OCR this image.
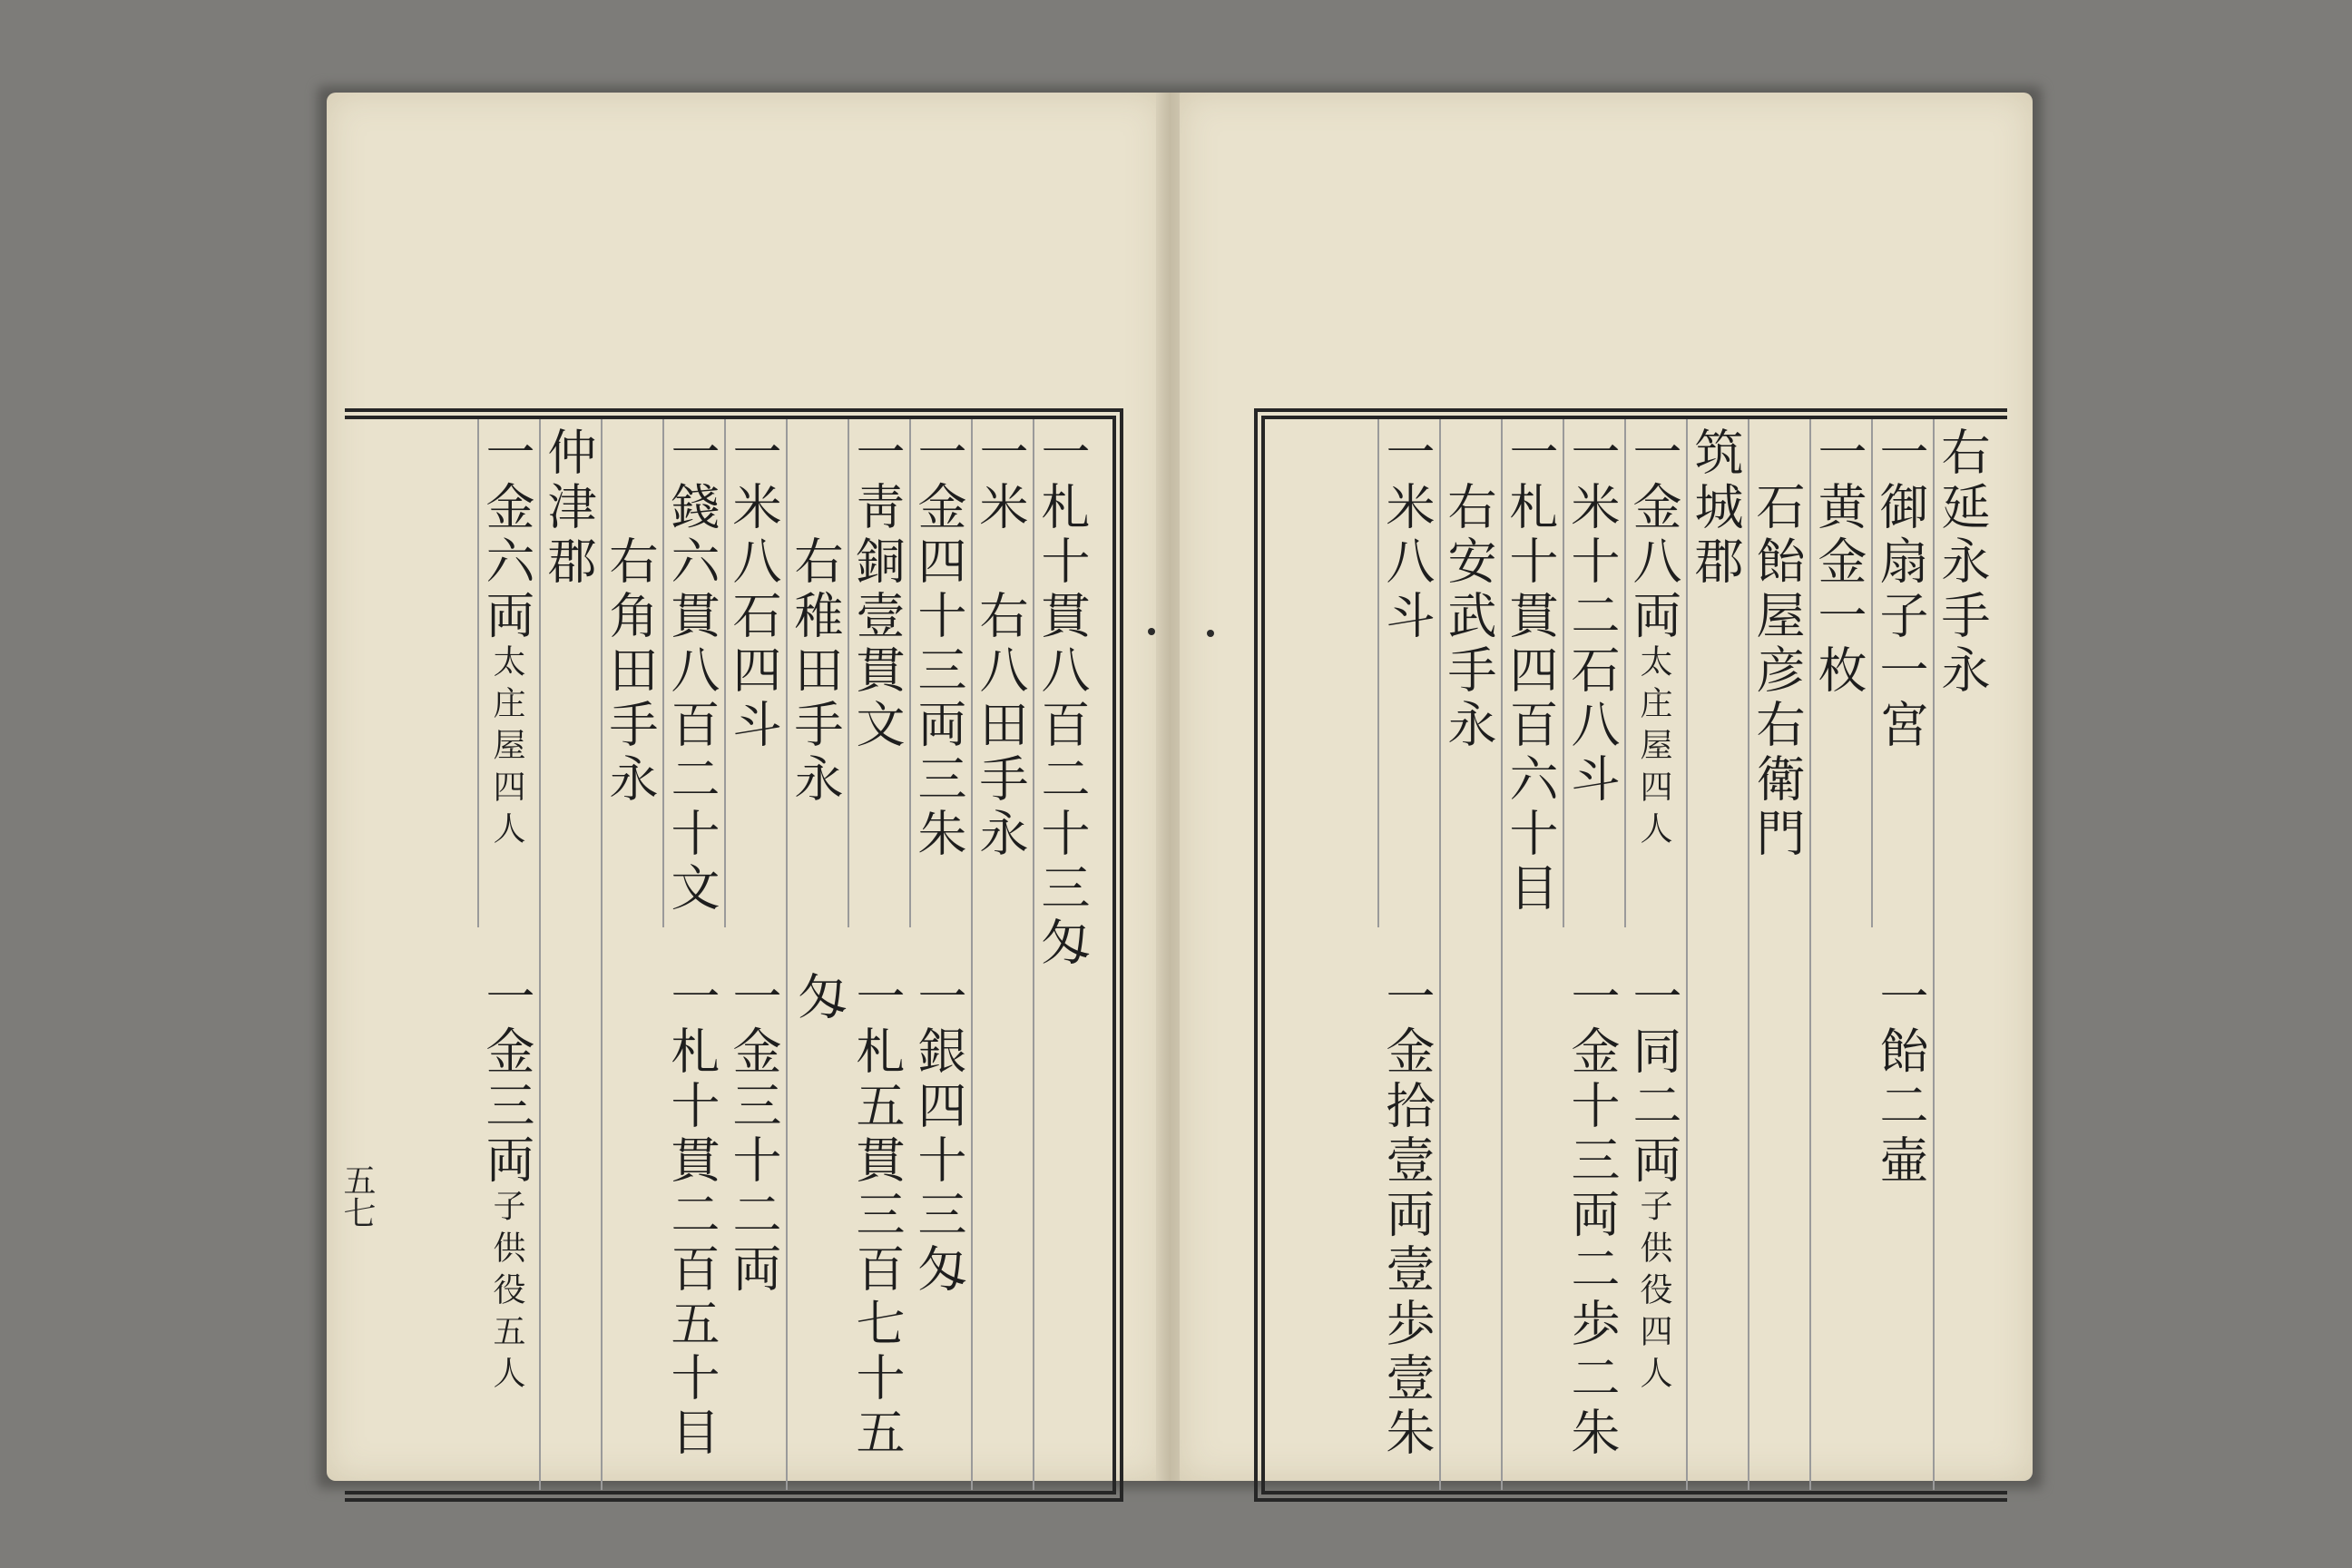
一札十貫八百二十三匁
一米　右八田手永
一金四十三両三朱
一靑銅壹貫文
　　右稚田手永
一米八石四斗
一錢六貫八百二十文
　　右角田手永
仲津郡
一金六両太庄屋四人
一銀四十三匁
一札五貫三百七十五匁
一金三十二両
一札十貫二百五十目
一金三両子供役五人
五七
右延永手永
一御扇子一宮
一黄金一枚
　石飴屋彦右衛門
筑城郡
一金八両太庄屋四人
一米十二石八斗
一札十貫四百六十目
　右安武手永
一米八斗
一飴二壷
一同二両子供役四人
一金十三両二歩二朱
一金拾壹両壹歩壹朱
